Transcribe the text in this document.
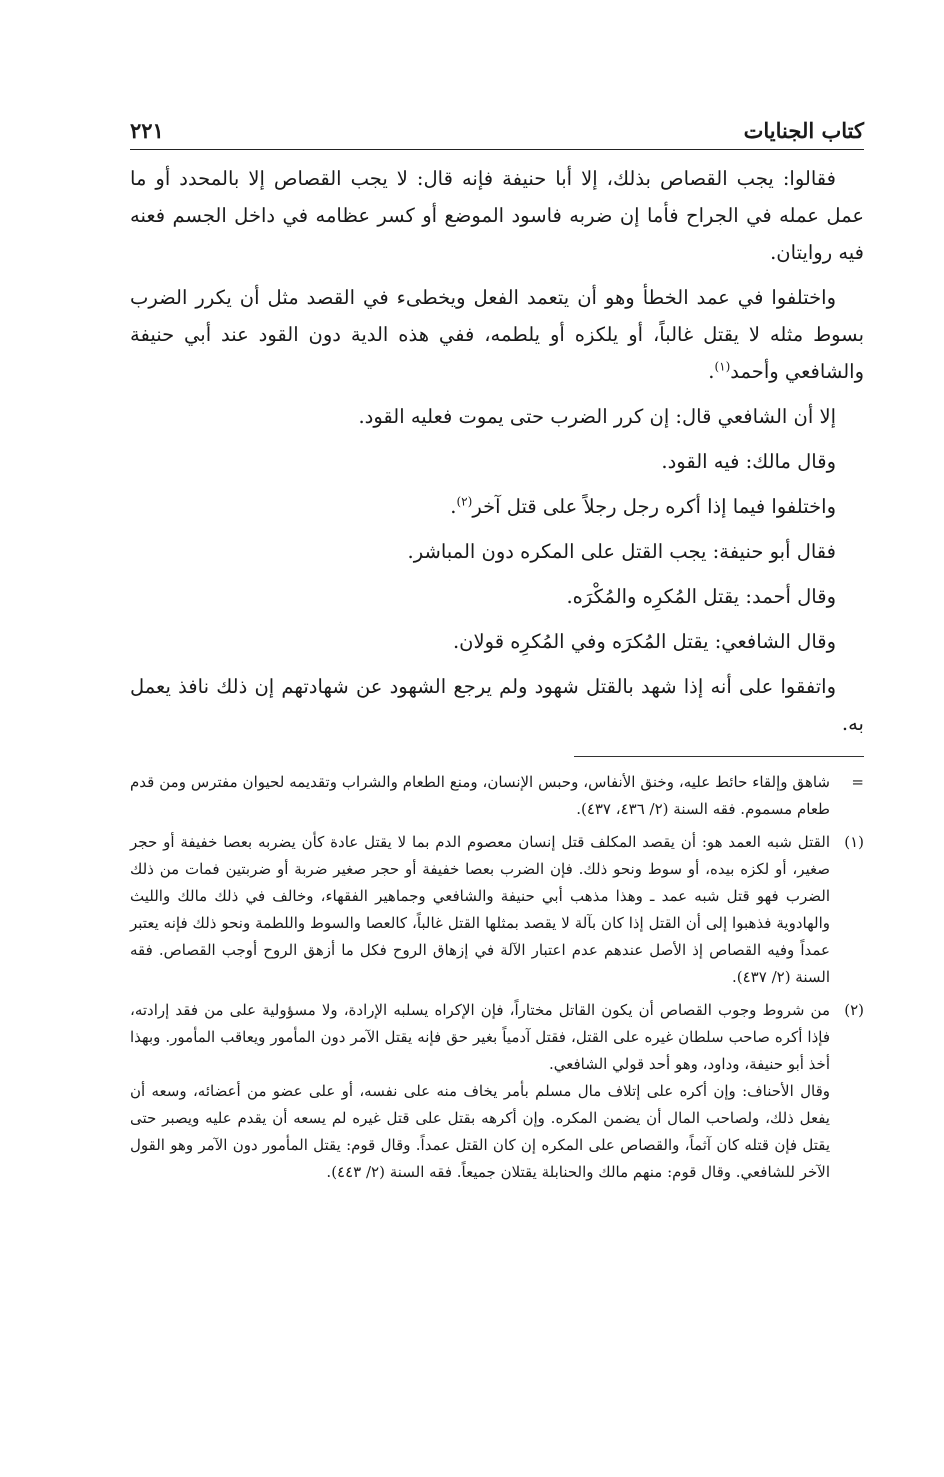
كتاب الجنايات
٢٢١

فقالوا: يجب القصاص بذلك، إلا أبا حنيفة فإنه قال: لا يجب القصاص إلا بالمحدد أو ما عمل عمله في الجراح فأما إن ضربه فاسود الموضع أو كسر عظامه في داخل الجسم فعنه فيه روايتان.

واختلفوا في عمد الخطأ وهو أن يتعمد الفعل ويخطىء في القصد مثل أن يكرر الضرب بسوط مثله لا يقتل غالباً، أو يلكزه أو يلطمه، ففي هذه الدية دون القود عند أبي حنيفة والشافعي وأحمد$^{(١)}$.

إلا أن الشافعي قال: إن كرر الضرب حتى يموت فعليه القود.

وقال مالك: فيه القود.

واختلفوا فيما إذا أكره رجل رجلاً على قتل آخر$^{(٢)}$.

فقال أبو حنيفة: يجب القتل على المكره دون المباشر.

وقال أحمد: يقتل المُكرِه والمُكْرَه.

وقال الشافعي: يقتل المُكرَه وفي المُكرِه قولان.

واتفقوا على أنه إذا شهد بالقتل شهود ولم يرجع الشهود عن شهادتهم إن ذلك نافذ يعمل به.

=
شاهق وإلقاء حائط عليه، وخنق الأنفاس، وحبس الإنسان، ومنع الطعام والشراب وتقديمه لحيوان مفترس ومن قدم طعام مسموم. فقه السنة (٢/ ٤٣٦، ٤٣٧).
(١)
القتل شبه العمد هو: أن يقصد المكلف قتل إنسان معصوم الدم بما لا يقتل عادة كأن يضربه بعصا خفيفة أو حجر صغير، أو لكزه بيده، أو سوط ونحو ذلك. فإن الضرب بعصا خفيفة أو حجر صغير ضربة أو ضربتين فمات من ذلك الضرب فهو قتل شبه عمد ـ وهذا مذهب أبي حنيفة والشافعي وجماهير الفقهاء، وخالف في ذلك مالك والليث والهادوية فذهبوا إلى أن القتل إذا كان بآلة لا يقصد بمثلها القتل غالباً، كالعصا والسوط واللطمة ونحو ذلك فإنه يعتبر عمداً وفيه القصاص إذ الأصل عندهم عدم اعتبار الآلة في إزهاق الروح فكل ما أزهق الروح أوجب القصاص. فقه السنة (٢/ ٤٣٧).
(٢)

من شروط وجوب القصاص أن يكون القاتل مختاراً، فإن الإكراه يسلبه الإرادة، ولا مسؤولية على من فقد إرادته، فإذا أكره صاحب سلطان غيره على القتل، فقتل آدمياً بغير حق فإنه يقتل الآمر دون المأمور ويعاقب المأمور. وبهذا أخذ أبو حنيفة، وداود، وهو أحد قولي الشافعي.

وقال الأحناف: وإن أكره على إتلاف مال مسلم بأمر يخاف منه على نفسه، أو على عضو من أعضائه، وسعه أن يفعل ذلك، ولصاحب المال أن يضمن المكره. وإن أكرهه بقتل على قتل غيره لم يسعه أن يقدم عليه ويصبر حتى يقتل فإن قتله كان آثماً، والقصاص على المكره إن كان القتل عمداً. وقال قوم: يقتل المأمور دون الآمر وهو القول الآخر للشافعي. وقال قوم: منهم مالك والحنابلة يقتلان جميعاً. فقه السنة (٢/ ٤٤٣).
